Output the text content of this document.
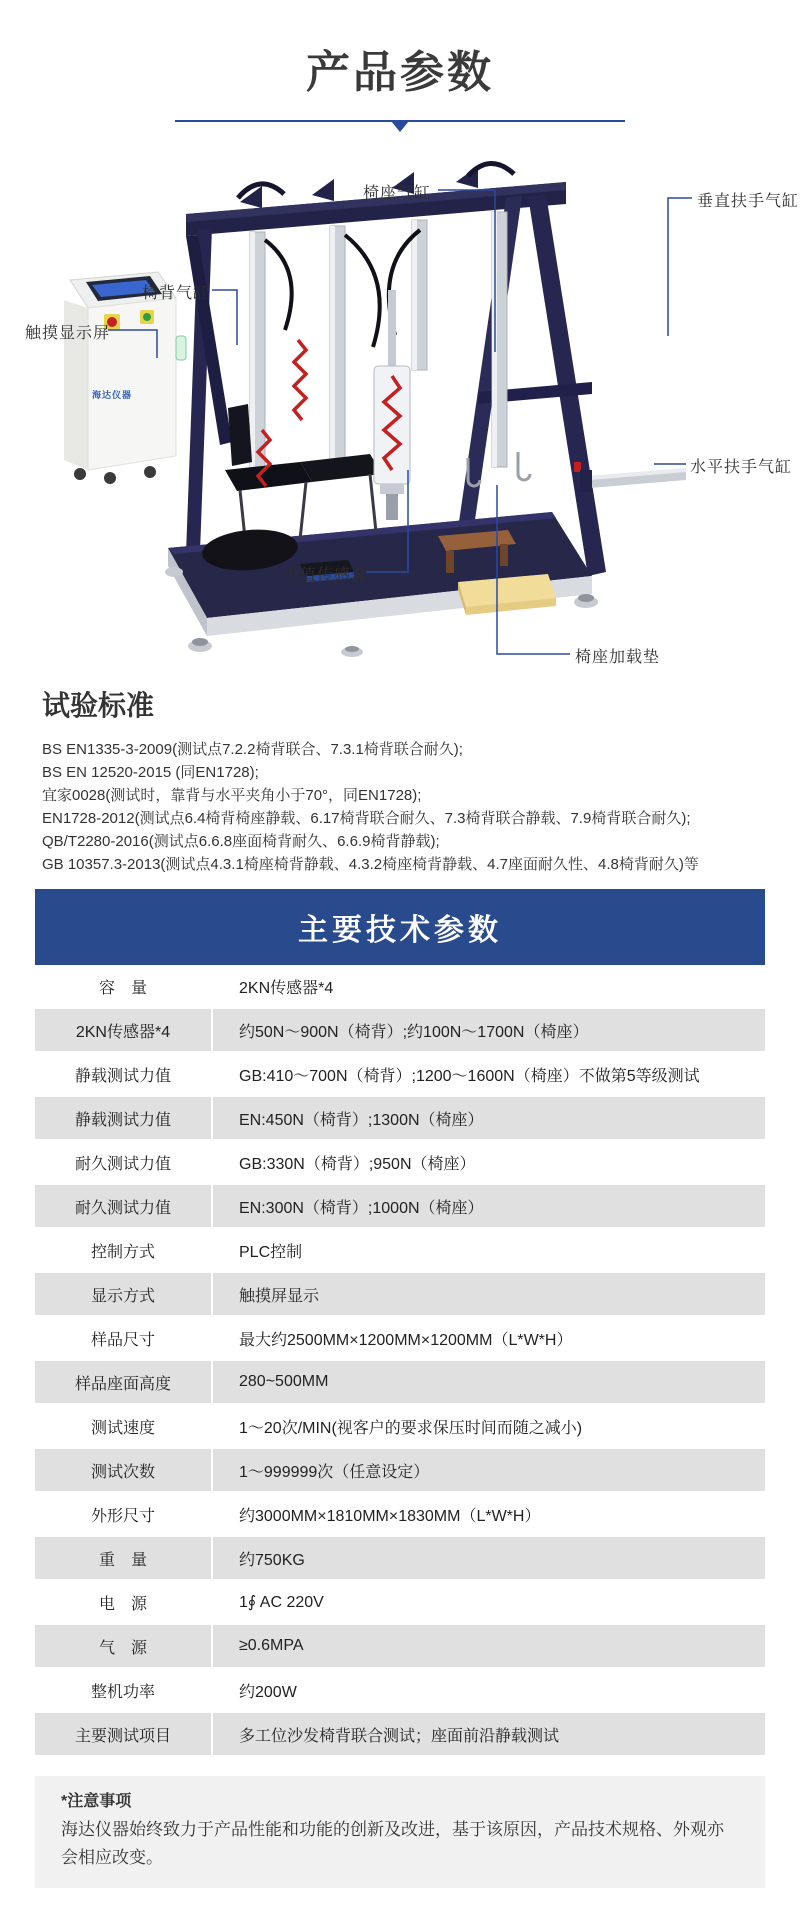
产品参数
椅座气缸	垂直扶手气缸
椅背气缸
触摸显示屏
水平扶手气缸
力值传感器
椅座加载垫
海达仪器
试验标准
BS EN1335-3-2009(测试点7.2.2椅背联合、7.3.1椅背联合耐久);
BS EN 12520-2015 (同EN1728);
宜家0028(测试时，靠背与水平夹角小于70°，同EN1728);
EN1728-2012(测试点6.4椅背椅座静载、6.17椅背联合耐久、7.3椅背联合静载、7.9椅背联合耐久);
QB/T2280-2016(测试点6.6.8座面椅背耐久、6.6.9椅背静载);
GB 10357.3-2013(测试点4.3.1椅座椅背静载、4.3.2椅座椅背静载、4.7座面耐久性、4.8椅背耐久)等
主要技术参数
容　量	2KN传感器*4
2KN传感器*4	约50N～900N（椅背）;约100N～1700N（椅座）
静载测试力值	GB:410～700N（椅背）;1200～1600N（椅座）不做第5等级测试
静载测试力值	EN:450N（椅背）;1300N（椅座）
耐久测试力值	GB:330N（椅背）;950N（椅座）
耐久测试力值	EN:300N（椅背）;1000N（椅座）
控制方式	PLC控制
显示方式	触摸屏显示
样品尺寸	最大约2500MM×1200MM×1200MM（L*W*H）
样品座面高度	280~500MM
测试速度	1～20次/MIN(视客户的要求保压时间而随之减小)
测试次数	1～999999次（任意设定）
外形尺寸	约3000MM×1810MM×1830MM（L*W*H）
重　量	约750KG
电　源	1∮ AC 220V
气　源	≥0.6MPA
整机功率	约200W
主要测试项目	多工位沙发椅背联合测试；座面前沿静载测试
*注意事项
海达仪器始终致力于产品性能和功能的创新及改进，基于该原因，产品技术规格、外观亦会相应改变。
